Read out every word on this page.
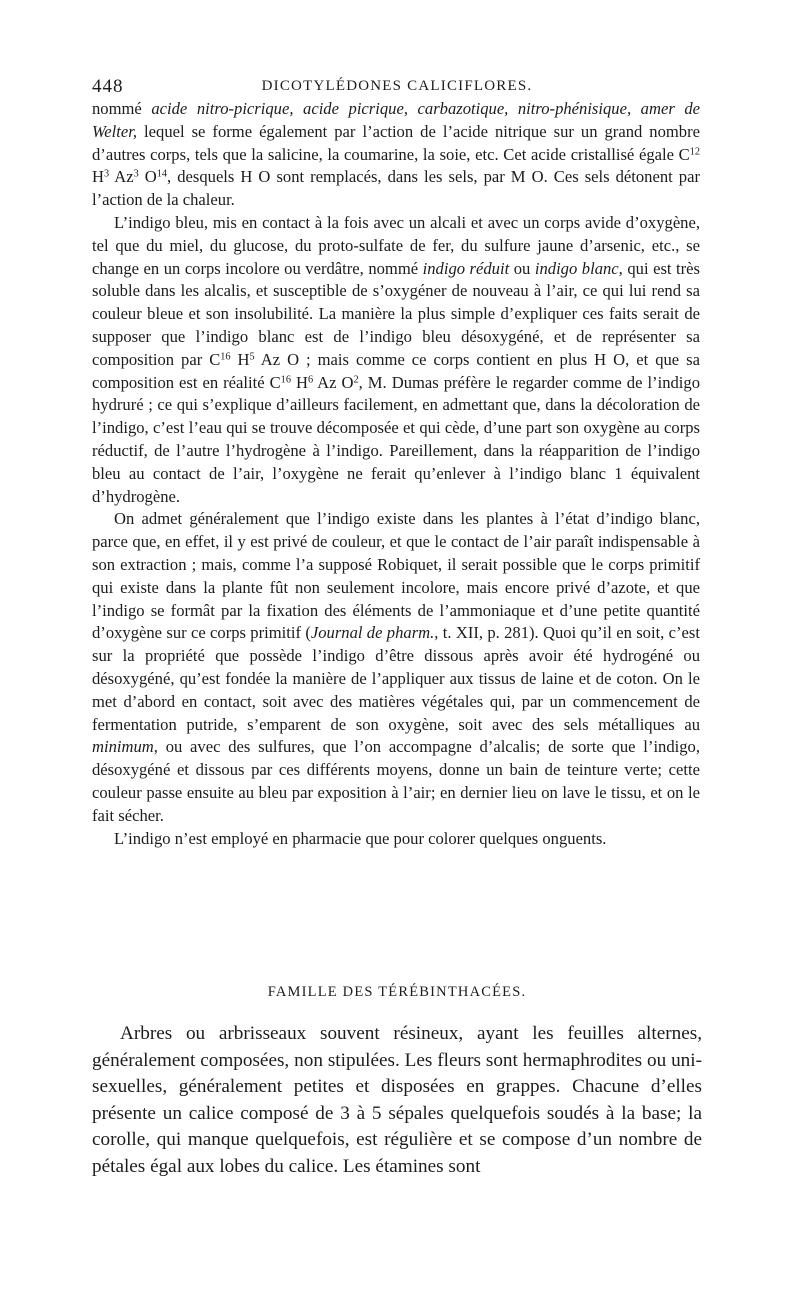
448	DICOTYLÉDONES CALICIFLORES.

nommé acide nitro-picrique, acide picrique, carbazotique, nitro-phénisique, amer de Welter, lequel se forme également par l’action de l’acide nitrique sur un grand nombre d’autres corps, tels que la salicine, la coumarine, la soie, etc. Cet acide cristallisé égale $C^{12}$ $H^3$ Az$^3$ $O^{14}$, desquels H O sont remplacés, dans les sels, par M O. Ces sels détonent par l’action de la chaleur.

L’indigo bleu, mis en contact à la fois avec un alcali et avec un corps avide d’oxygène, tel que du miel, du glucose, du proto-sulfate de fer, du sulfure jaune d’arsenic, etc., se change en un corps incolore ou verdâtre, nommé indigo réduit ou indigo blanc, qui est très soluble dans les alcalis, et susceptible de s’oxygéner de nouveau à l’air, ce qui lui rend sa couleur bleue et son insolubilité. La manière la plus simple d’expliquer ces faits serait de supposer que l’indigo blanc est de l’indigo bleu désoxygéné, et de représenter sa composition par $C^{16}$ $H^5$ Az O ; mais comme ce corps contient en plus H O, et que sa composition est en réalité $C^{16}$ $H^6$ Az $O^2$, M. Dumas préfère le regarder comme de l’indigo hydruré ; ce qui s’explique d’ailleurs facilement, en admettant que, dans la décoloration de l’indigo, c’est l’eau qui se trouve décomposée et qui cède, d’une part son oxygène au corps réductif, de l’autre l’hydrogène à l’indigo. Pareillement, dans la réapparition de l’indigo bleu au contact de l’air, l’oxygène ne ferait qu’enlever à l’indigo blanc 1 équivalent d’hydrogène.

On admet généralement que l’indigo existe dans les plantes à l’état d’indigo blanc, parce que, en effet, il y est privé de couleur, et que le contact de l’air paraît indispensable à son extraction ; mais, comme l’a supposé Robiquet, il serait possible que le corps primitif qui existe dans la plante fût non seulement incolore, mais encore privé d’azote, et que l’indigo se formât par la fixation des éléments de l’ammoniaque et d’une petite quantité d’oxygène sur ce corps primitif (Journal de pharm., t. XII, p. 281). Quoi qu’il en soit, c’est sur la propriété que possède l’indigo d’être dissous après avoir été hydrogéné ou désoxygéné, qu’est fondée la manière de l’appliquer aux tissus de laine et de coton. On le met d’abord en contact, soit avec des matières végétales qui, par un commencement de fermentation putride, s’emparent de son oxygène, soit avec des sels métalliques au minimum, ou avec des sulfures, que l’on accompagne d’alcalis; de sorte que l’indigo, désoxygéné et dissous par ces différents moyens, donne un bain de teinture verte; cette couleur passe ensuite au bleu par exposition à l’air; en dernier lieu on lave le tissu, et on le fait sécher.

L’indigo n’est employé en pharmacie que pour colorer quelques onguents.

FAMILLE DES TÉRÉBINTHACÉES.

Arbres ou arbrisseaux souvent résineux, ayant les feuilles alternes, généralement composées, non stipulées. Les fleurs sont hermaphrodites ou uni-sexuelles, généralement petites et disposées en grappes. Chacune d’elles présente un calice composé de 3 à 5 sépales quelquefois soudés à la base; la corolle, qui manque quelquefois, est régulière et se compose d’un nombre de pétales égal aux lobes du calice. Les étamines sont
